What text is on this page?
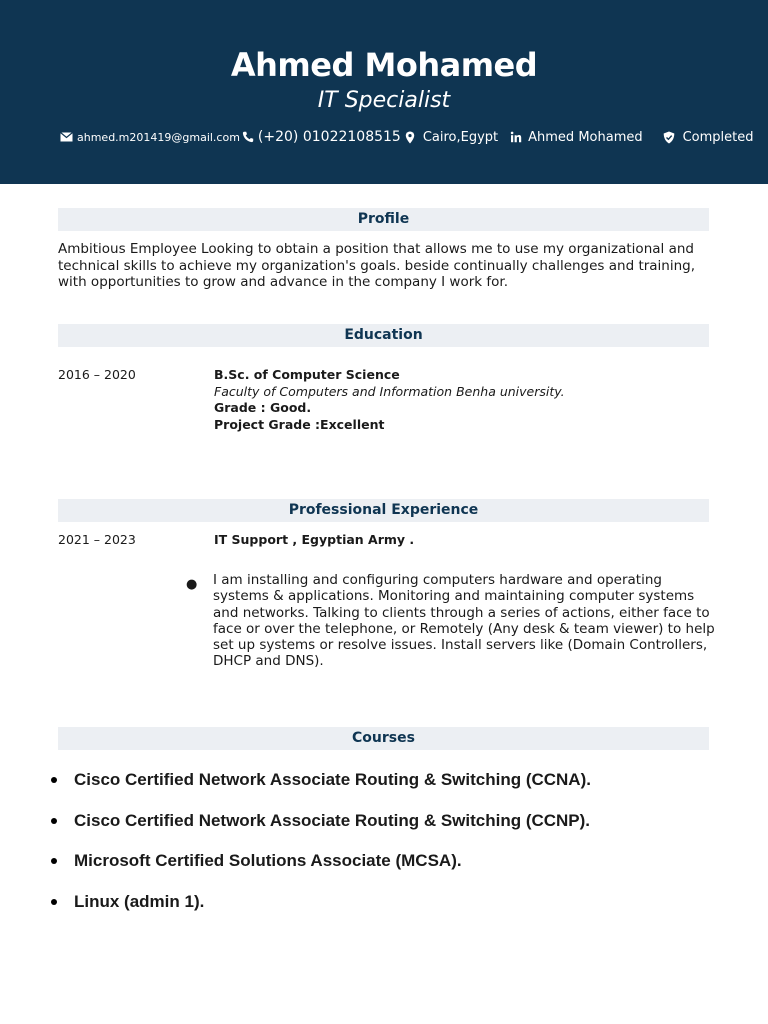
Ahmed Mohamed
IT Specialist
ahmed.m201419@gmail.com (+20) 01022108515 Cairo,Egypt Ahmed Mohamed	Completed
Profile
Ambitious Employee Looking to obtain a position that allows me to use my organizational and technical skills to achieve my organization's goals. beside continually challenges and training, with opportunities to grow and advance in the company I work for.
Education
2016 – 2020	B.Sc. of Computer Science
Faculty of Computers and Information Benha university.
Grade : Good.
Project Grade :Excellent
Professional Experience
2021 – 2023	IT Support , Egyptian Army .
● I am installing and configuring computers hardware and operating systems & applications. Monitoring and maintaining computer systems and networks. Talking to clients through a series of actions, either face to face or over the telephone, or Remotely (Any desk & team viewer) to help set up systems or resolve issues. Install servers like (Domain Controllers, DHCP and DNS).
Courses
Cisco Certified Network Associate Routing & Switching (CCNA).
Cisco Certified Network Associate Routing & Switching (CCNP).
Microsoft Certified Solutions Associate (MCSA).
Linux (admin 1).
